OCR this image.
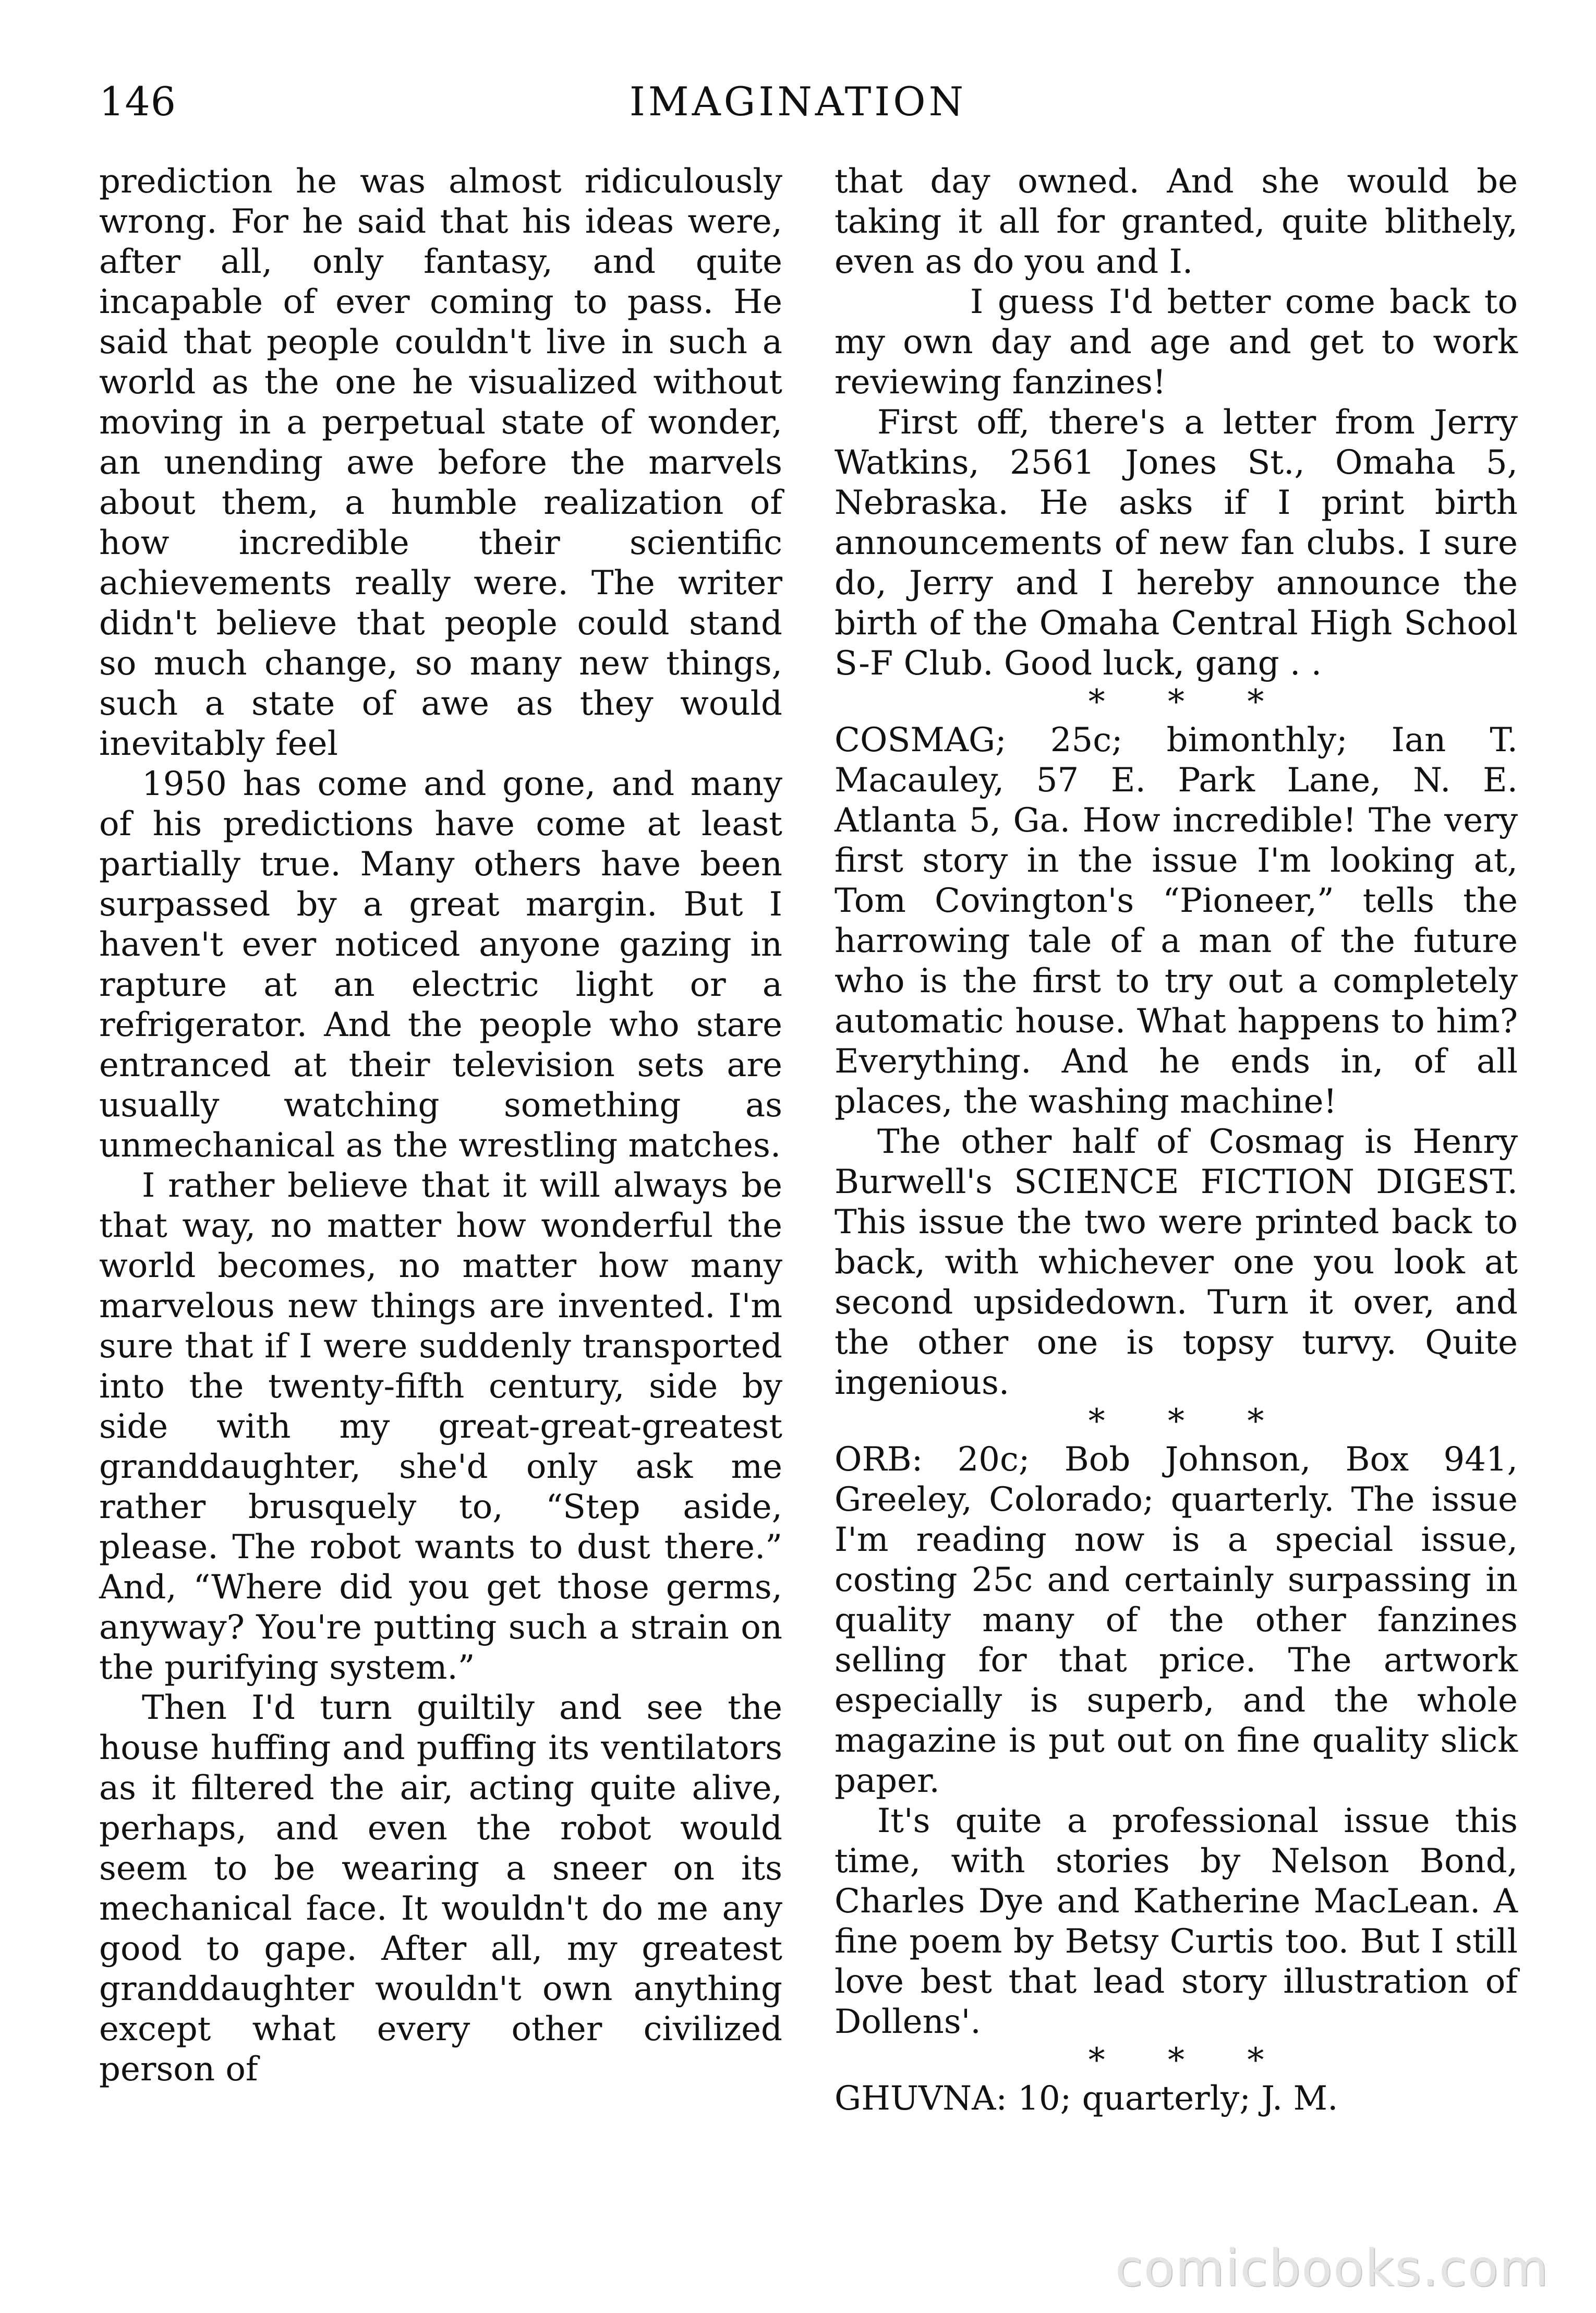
146	IMAGINATION

prediction he was almost ridiculously wrong. For he said that his ideas were, after all, only fantasy, and quite incapable of ever coming to pass. He said that people couldn't live in such a world as the one he visualized without moving in a perpetual state of wonder, an unending awe before the marvels about them, a humble realization of how incredible their scientific achievements really were. The writer didn't believe that people could stand so much change, so many new things, such a state of awe as they would inevitably feel

1950 has come and gone, and many of his predictions have come at least partially true. Many others have been surpassed by a great margin. But I haven't ever noticed anyone gazing in rapture at an electric light or a refrigerator. And the people who stare entranced at their television sets are usually watching something as unmechanical as the wrestling matches.

I rather believe that it will always be that way, no matter how wonderful the world becomes, no matter how many marvelous new things are invented. I'm sure that if I were suddenly transported into the twenty-fifth century, side by side with my great-great-greatest granddaughter, she'd only ask me rather brusquely to, “Step aside, please. The robot wants to dust there.” And, “Where did you get those germs, anyway? You're putting such a strain on the purifying system.”

Then I'd turn guiltily and see the house huffing and puffing its ventilators as it filtered the air, acting quite alive, perhaps, and even the robot would seem to be wearing a sneer on its mechanical face. It wouldn't do me any good to gape. After all, my greatest granddaughter wouldn't own anything except what every other civilized person of

that day owned. And she would be taking it all for granted, quite blithely, even as do you and I.

I guess I'd better come back to my own day and age and get to work reviewing fanzines!

First off, there's a letter from Jerry Watkins, 2561 Jones St., Omaha 5, Nebraska. He asks if I print birth announcements of new fan clubs. I sure do, Jerry and I hereby announce the birth of the Omaha Central High School S-F Club. Good luck, gang . .

* * *

COSMAG; 25c; bimonthly; Ian T. Macauley, 57 E. Park Lane, N. E. Atlanta 5, Ga. How incredible! The very first story in the issue I'm looking at, Tom Covington's “Pioneer,” tells the harrowing tale of a man of the future who is the first to try out a completely automatic house. What happens to him? Everything. And he ends in, of all places, the washing machine!

The other half of Cosmag is Henry Burwell's SCIENCE FICTION DIGEST. This issue the two were printed back to back, with whichever one you look at second upsidedown. Turn it over, and the other one is topsy turvy. Quite ingenious.

* * *

ORB: 20c; Bob Johnson, Box 941, Greeley, Colorado; quarterly. The issue I'm reading now is a special issue, costing 25c and certainly surpassing in quality many of the other fanzines selling for that price. The artwork especially is superb, and the whole magazine is put out on fine quality slick paper.

It's quite a professional issue this time, with stories by Nelson Bond, Charles Dye and Katherine MacLean. A fine poem by Betsy Curtis too. But I still love best that lead story illustration of Dollens'.

* * *

GHUVNA: 10; quarterly; J. M.

comicbooks.com
